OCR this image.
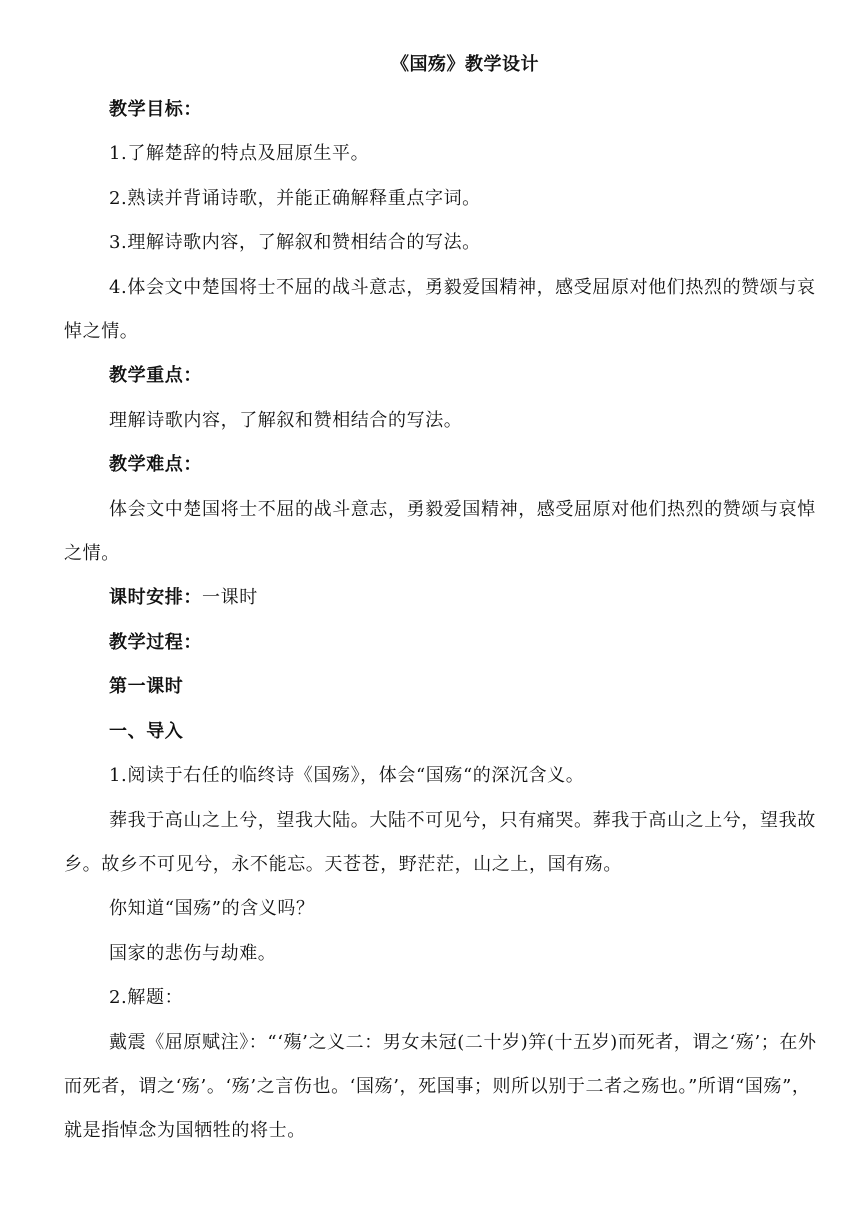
《国殇》教学设计

教学目标：

1.了解楚辞的特点及屈原生平。

2.熟读并背诵诗歌，并能正确解释重点字词。

3.理解诗歌内容，了解叙和赞相结合的写法。

4.体会文中楚国将士不屈的战斗意志，勇毅爱国精神，感受屈原对他们热烈的赞颂与哀悼之情。

教学重点：

理解诗歌内容，了解叙和赞相结合的写法。

教学难点：

体会文中楚国将士不屈的战斗意志，勇毅爱国精神，感受屈原对他们热烈的赞颂与哀悼之情。

课时安排：一课时

教学过程：

第一课时

一、导入

1.阅读于右任的临终诗《国殇》，体会“国殇“的深沉含义。

葬我于高山之上兮，望我大陆。大陆不可见兮，只有痛哭。葬我于高山之上兮，望我故乡。故乡不可见兮，永不能忘。天苍苍，野茫茫，山之上，国有殇。

你知道“国殇”的含义吗？

国家的悲伤与劫难。

2.解题：

戴震《屈原赋注》：“‘殤’之义二：男女未冠(二十岁)笄(十五岁)而死者，谓之‘殇’；在外而死者，谓之‘殇’。‘殇’之言伤也。‘国殇’，死国事；则所以别于二者之殇也。”所谓“国殇”，就是指悼念为国牺牲的将士。
